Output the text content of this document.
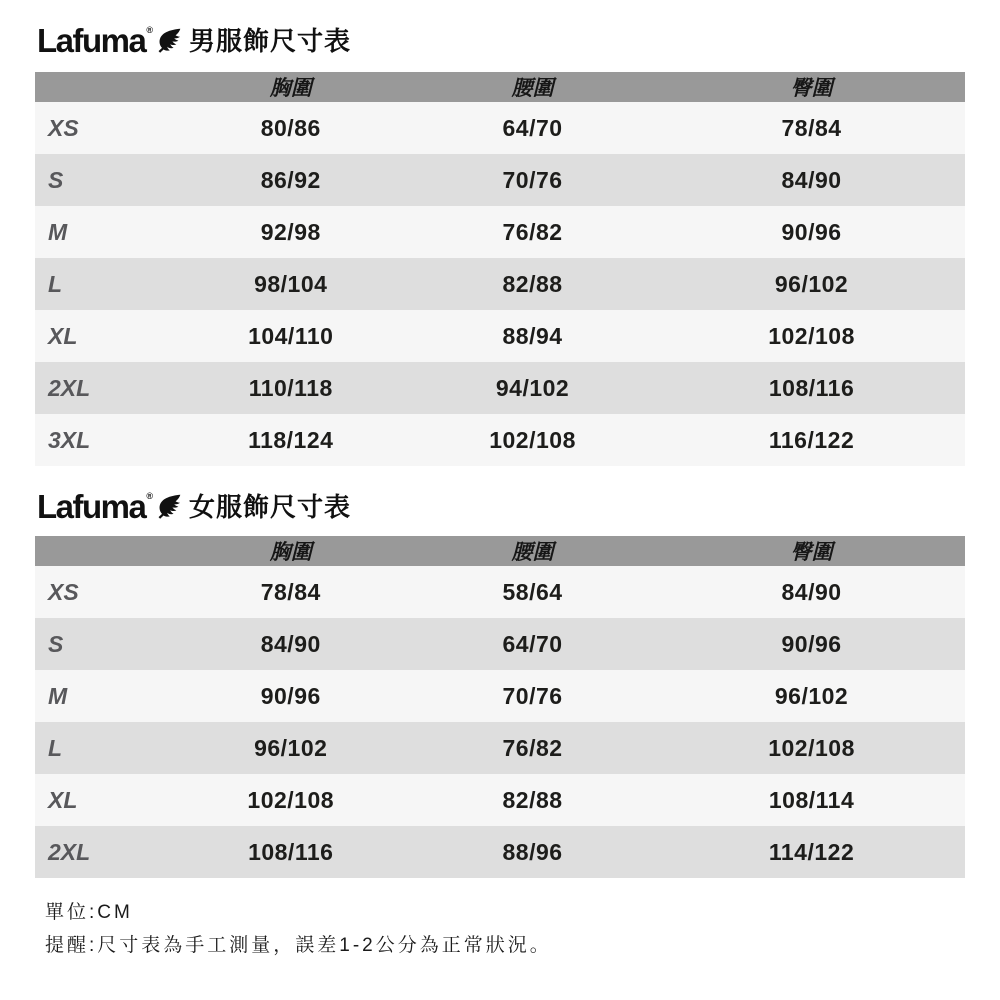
Lafuma ® 男服飾尺寸表
	胸圍	腰圍	臀圍
XS	80/86	64/70	78/84
S	86/92	70/76	84/90
M	92/98	76/82	90/96
L	98/104	82/88	96/102
XL	104/110	88/94	102/108
2XL	110/118	94/102	108/116
3XL	118/124	102/108	116/122
Lafuma ® 女服飾尺寸表
	胸圍	腰圍	臀圍
XS	78/84	58/64	84/90
S	84/90	64/70	90/96
M	90/96	70/76	96/102
L	96/102	76/82	102/108
XL	102/108	82/88	108/114
2XL	108/116	88/96	114/122
單位:CM
提醒:尺寸表為手工測量，誤差1-2公分為正常狀況。
